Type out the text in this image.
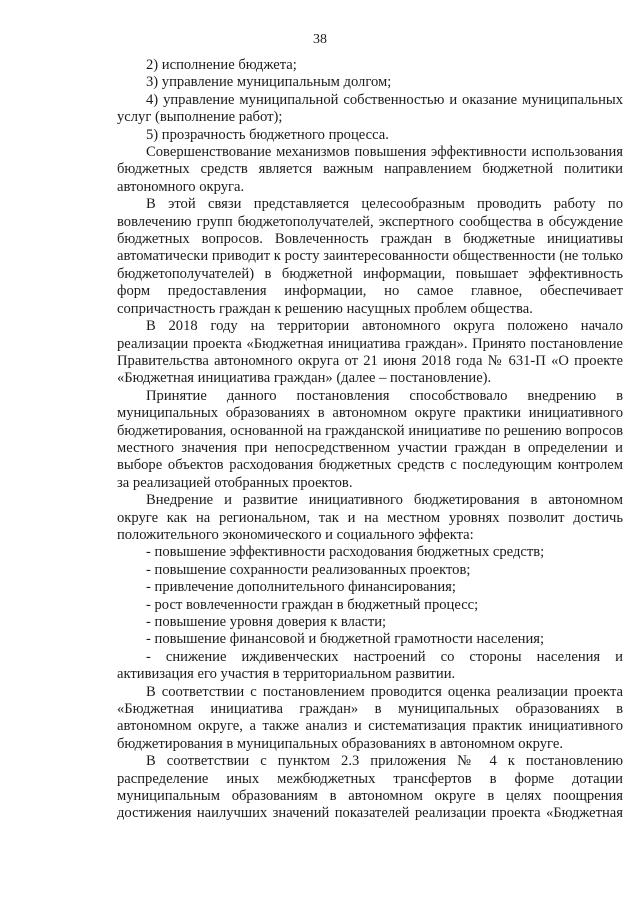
38

2) исполнение бюджета;

3) управление муниципальным долгом;

4) управление муниципальной собственностью и оказание муниципальных услуг (выполнение работ);

5) прозрачность бюджетного процесса.

Совершенствование механизмов повышения эффективности использования бюджетных средств является важным направлением бюджетной политики автономного округа.

В этой связи представляется целесообразным проводить работу по вовлечению групп бюджетополучателей, экспертного сообщества в обсуждение бюджетных вопросов. Вовлеченность граждан в бюджетные инициативы автоматически приводит к росту заинтересованности общественности (не только бюджетополучателей) в бюджетной информации, повышает эффективность форм предоставления информации, но самое главное, обеспечивает сопричастность граждан к решению насущных проблем общества.

В 2018 году на территории автономного округа положено начало реализации проекта «Бюджетная инициатива граждан». Принято постановление Правительства автономного округа от 21 июня 2018 года № 631-П «О проекте «Бюджетная инициатива граждан» (далее – постановление).

Принятие данного постановления способствовало внедрению в муниципальных образованиях в автономном округе практики инициативного бюджетирования, основанной на гражданской инициативе по решению вопросов местного значения при непосредственном участии граждан в определении и выборе объектов расходования бюджетных средств с последующим контролем за реализацией отобранных проектов.

Внедрение и развитие инициативного бюджетирования в автономном округе как на региональном, так и на местном уровнях позволит достичь положительного экономического и социального эффекта:

- повышение эффективности расходования бюджетных средств;

- повышение сохранности реализованных проектов;

- привлечение дополнительного финансирования;

- рост вовлеченности граждан в бюджетный процесс;

- повышение уровня доверия к власти;

- повышение финансовой и бюджетной грамотности населения;

- снижение иждивенческих настроений со стороны населения и активизация его участия в территориальном развитии.

В соответствии с постановлением проводится оценка реализации проекта «Бюджетная инициатива граждан» в муниципальных образованиях в автономном округе, а также анализ и систематизация практик инициативного бюджетирования в муниципальных образованиях в автономном округе.

В соответствии с пунктом 2.3 приложения № 4 к постановлению распределение иных межбюджетных трансфертов в форме дотации муниципальным образованиям в автономном округе в целях поощрения достижения наилучших значений показателей реализации проекта «Бюджетная
